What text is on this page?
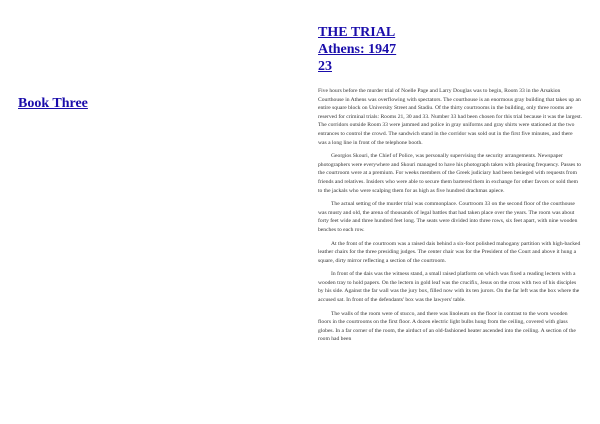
Book Three
THE TRIAL
Athens: 1947
23

Five hours before the murder trial of Noelle Page and Larry Douglas was to begin, Room 33 in the Arsakion Courthouse in Athens was overflowing with spectators. The courthouse is an enormous gray building that takes up an entire square block on University Street and Stadiu. Of the thirty courtrooms in the building, only three rooms are reserved for criminal trials: Rooms 21, 30 and 33. Number 33 had been chosen for this trial because it was the largest. The corridors outside Room 33 were jammed and police in gray uniforms and gray shirts were stationed at the two entrances to control the crowd. The sandwich stand in the corridor was sold out in the first five minutes, and there was a long line in front of the telephone booth.

Georgios Skouri, the Chief of Police, was personally supervising the security arrangements. Newspaper photographers were everywhere and Skouri managed to have his photograph taken with pleasing frequency. Passes to the courtroom were at a premium. For weeks members of the Greek judiciary had been besieged with requests from friends and relatives. Insiders who were able to secure them bartered them in exchange for other favors or sold them to the jackals who were scalping them for as high as five hundred drachmas apiece.

The actual setting of the murder trial was commonplace. Courtroom 33 on the second floor of the courthouse was musty and old, the arena of thousands of legal battles that had taken place over the years. The room was about forty feet wide and three hundred feet long. The seats were divided into three rows, six feet apart, with nine wooden benches to each row.

At the front of the courtroom was a raised dais behind a six-foot polished mahogany partition with high-backed leather chairs for the three presiding judges. The center chair was for the President of the Court and above it hung a square, dirty mirror reflecting a section of the courtroom.

In front of the dais was the witness stand, a small raised platform on which was fixed a reading lectern with a wooden tray to hold papers. On the lectern in gold leaf was the crucifix, Jesus on the cross with two of his disciples by his side. Against the far wall was the jury box, filled now with its ten jurors. On the far left was the box where the accused sat. In front of the defendants' box was the lawyers' table.

The walls of the room were of stucco, and there was linoleum on the floor in contrast to the worn wooden floors in the courtrooms on the first floor. A dozen electric light bulbs hung from the ceiling, covered with glass globes. In a far corner of the room, the airduct of an old-fashioned heater ascended into the ceiling. A section of the room had been
